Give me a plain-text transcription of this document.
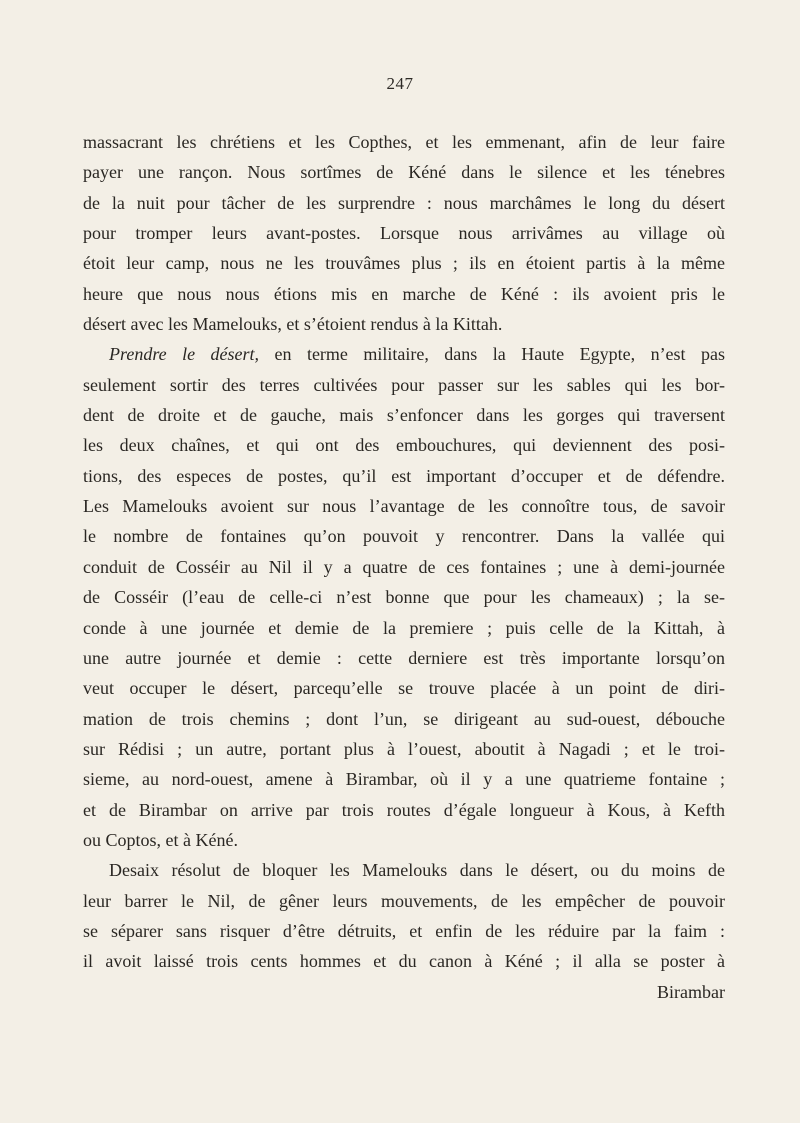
247
massacrant les chrétiens et les Copthes, et les emmenant, afin de leur faire
payer une rançon. Nous sortîmes de Kéné dans le silence et les ténebres
de la nuit pour tâcher de les surprendre : nous marchâmes le long du désert
pour tromper leurs avant-postes. Lorsque nous arrivâmes au village où
étoit leur camp, nous ne les trouvâmes plus ; ils en étoient partis à la même
heure que nous nous étions mis en marche de Kéné : ils avoient pris le
désert avec les Mamelouks, et s’étoient rendus à la Kittah.
Prendre le désert, en terme militaire, dans la Haute Egypte, n’est pas
seulement sortir des terres cultivées pour passer sur les sables qui les bor-
dent de droite et de gauche, mais s’enfoncer dans les gorges qui traversent
les deux chaînes, et qui ont des embouchures, qui deviennent des posi-
tions, des especes de postes, qu’il est important d’occuper et de défendre.
Les Mamelouks avoient sur nous l’avantage de les connoître tous, de savoir
le nombre de fontaines qu’on pouvoit y rencontrer. Dans la vallée qui
conduit de Cosséir au Nil il y a quatre de ces fontaines ; une à demi-journée
de Cosséir (l’eau de celle-ci n’est bonne que pour les chameaux) ; la se-
conde à une journée et demie de la premiere ; puis celle de la Kittah, à
une autre journée et demie : cette derniere est très importante lorsqu’on
veut occuper le désert, parcequ’elle se trouve placée à un point de diri-
mation de trois chemins ; dont l’un, se dirigeant au sud-ouest, débouche
sur Rédisi ; un autre, portant plus à l’ouest, aboutit à Nagadi ; et le troi-
sieme, au nord-ouest, amene à Birambar, où il y a une quatrieme fontaine ;
et de Birambar on arrive par trois routes d’égale longueur à Kous, à Kefth
ou Coptos, et à Kéné.
Desaix résolut de bloquer les Mamelouks dans le désert, ou du moins de
leur barrer le Nil, de gêner leurs mouvements, de les empêcher de pouvoir
se séparer sans risquer d’être détruits, et enfin de les réduire par la faim :
il avoit laissé trois cents hommes et du canon à Kéné ; il alla se poster à
Birambar
